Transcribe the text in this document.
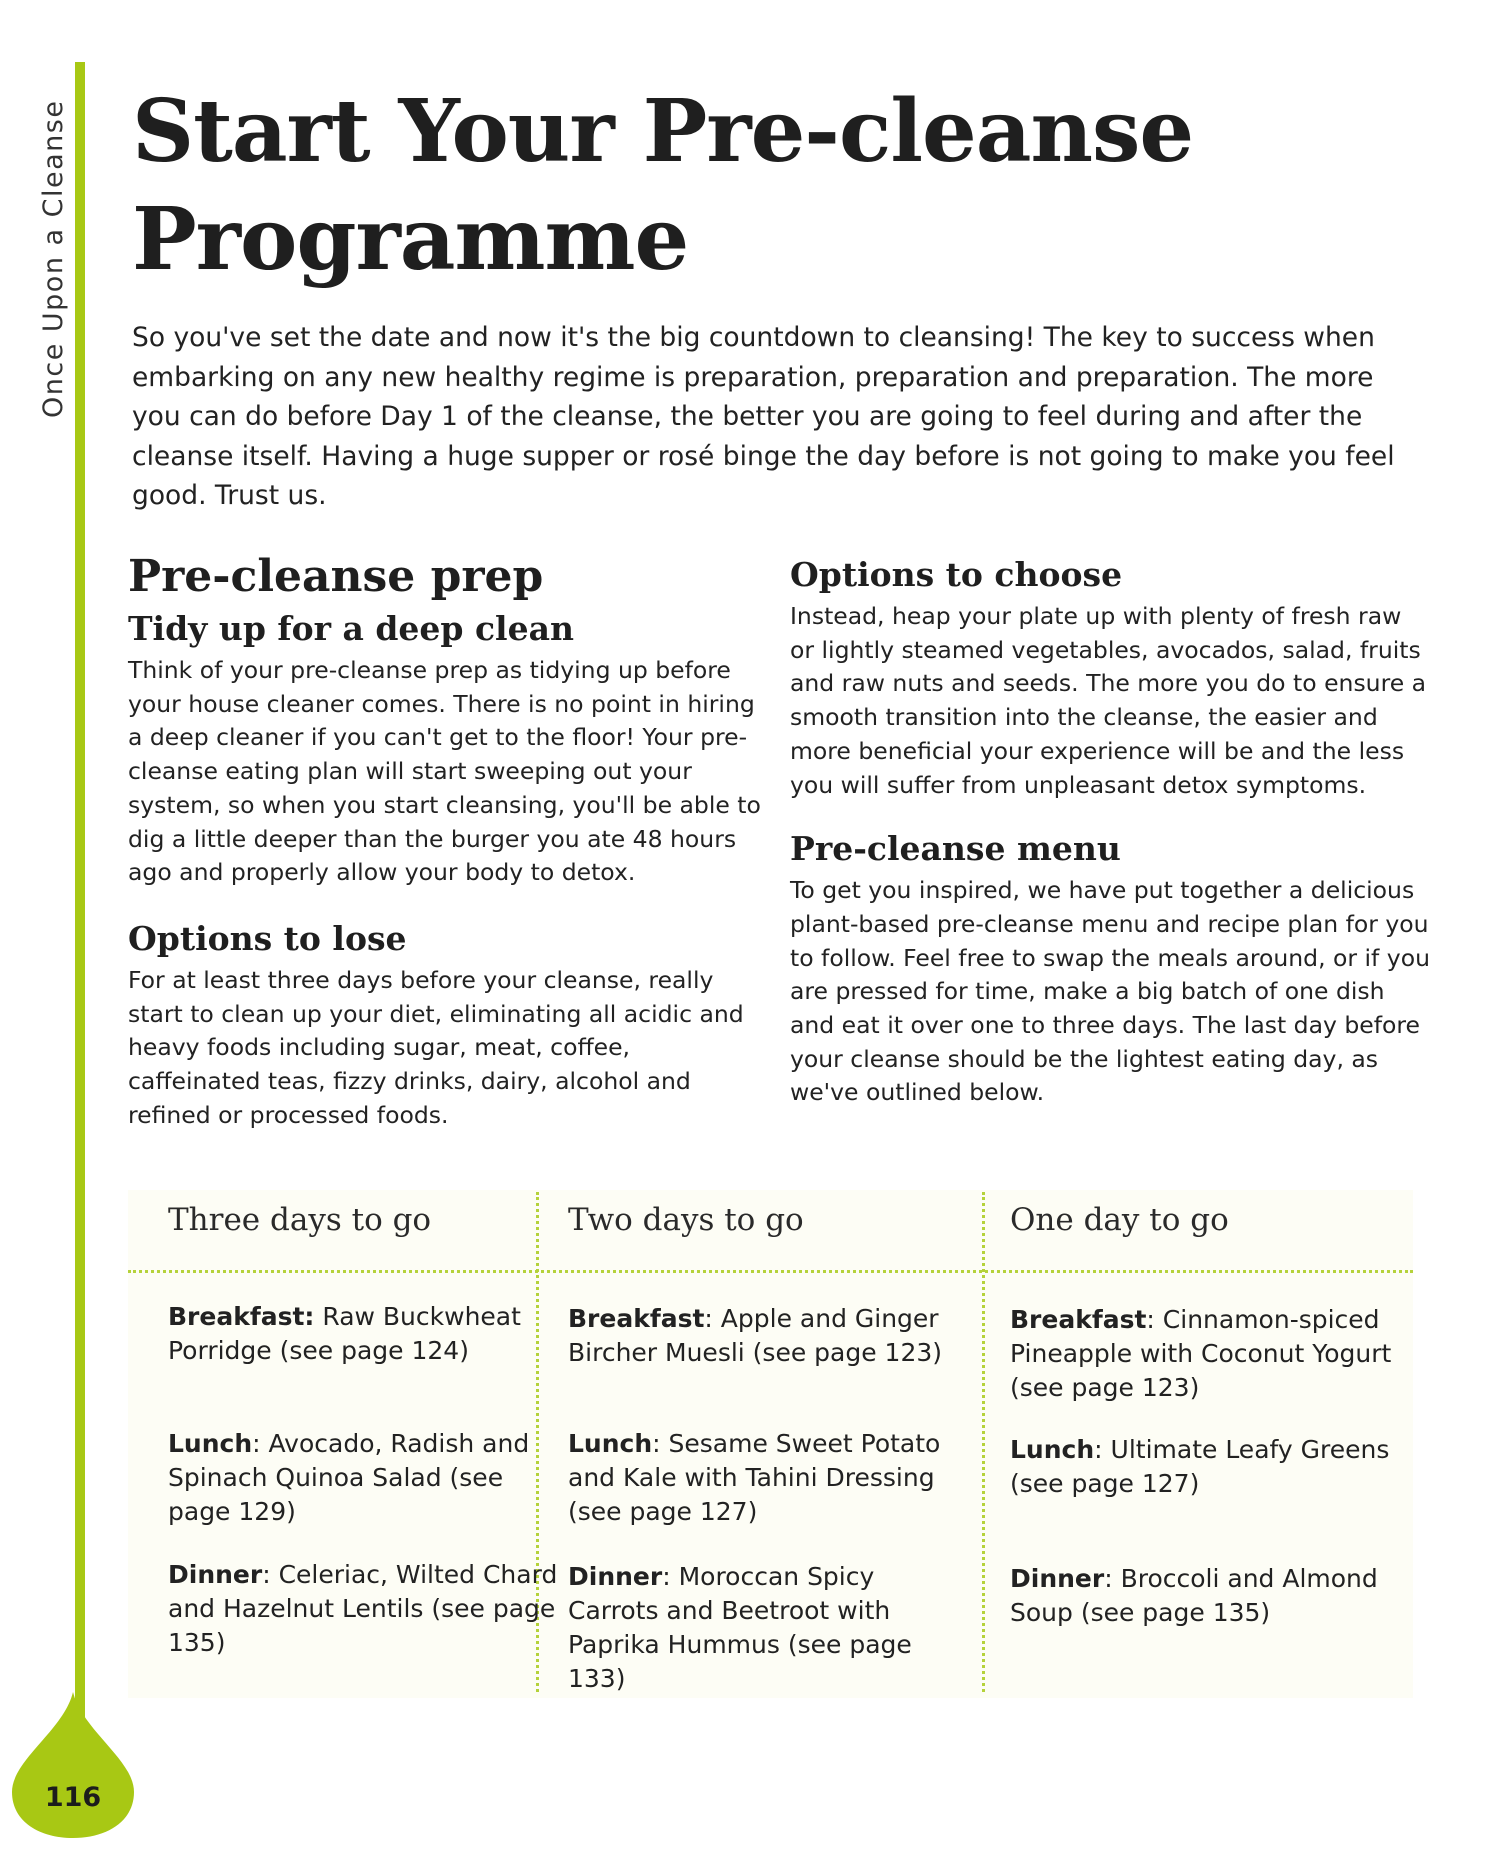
Once Upon a Cleanse
116
Start Your Pre-cleanse Programme

So you've set the date and now it's the big countdown to cleansing! The key to success when embarking on any new healthy regime is preparation, preparation and preparation. The more you can do before Day 1 of the cleanse, the better you are going to feel during and after the cleanse itself. Having a huge supper or rosé binge the day before is not going to make you feel good. Trust us.

Pre-cleanse prep
Tidy up for a deep clean

Think of your pre-cleanse prep as tidying up before your house cleaner comes. There is no point in hiring a deep cleaner if you can't get to the floor! Your pre-cleanse eating plan will start sweeping out your system, so when you start cleansing, you'll be able to dig a little deeper than the burger you ate 48 hours ago and properly allow your body to detox.

Options to lose

For at least three days before your cleanse, really start to clean up your diet, eliminating all acidic and heavy foods including sugar, meat, coffee, caffeinated teas, fizzy drinks, dairy, alcohol and refined or processed foods.

Options to choose

Instead, heap your plate up with plenty of fresh raw or lightly steamed vegetables, avocados, salad, fruits and raw nuts and seeds. The more you do to ensure a smooth transition into the cleanse, the easier and more beneficial your experience will be and the less you will suffer from unpleasant detox symptoms.

Pre-cleanse menu

To get you inspired, we have put together a delicious plant-based pre-cleanse menu and recipe plan for you to follow. Feel free to swap the meals around, or if you are pressed for time, make a big batch of one dish and eat it over one to three days. The last day before your cleanse should be the lightest eating day, as we've outlined below.

Three days to go	Two days to go	One day to go
Breakfast: Raw Buckwheat Porridge (see page 124)
Lunch: Avocado, Radish and Spinach Quinoa Salad (see page 129)
Dinner: Celeriac, Wilted Chard and Hazelnut Lentils (see page 135)
Breakfast: Apple and Ginger Bircher Muesli (see page 123)
Lunch: Sesame Sweet Potato and Kale with Tahini Dressing (see page 127)
Dinner: Moroccan Spicy Carrots and Beetroot with Paprika Hummus (see page 133)
Breakfast: Cinnamon-spiced Pineapple with Coconut Yogurt (see page 123)
Lunch: Ultimate Leafy Greens (see page 127)
Dinner: Broccoli and Almond Soup (see page 135)
